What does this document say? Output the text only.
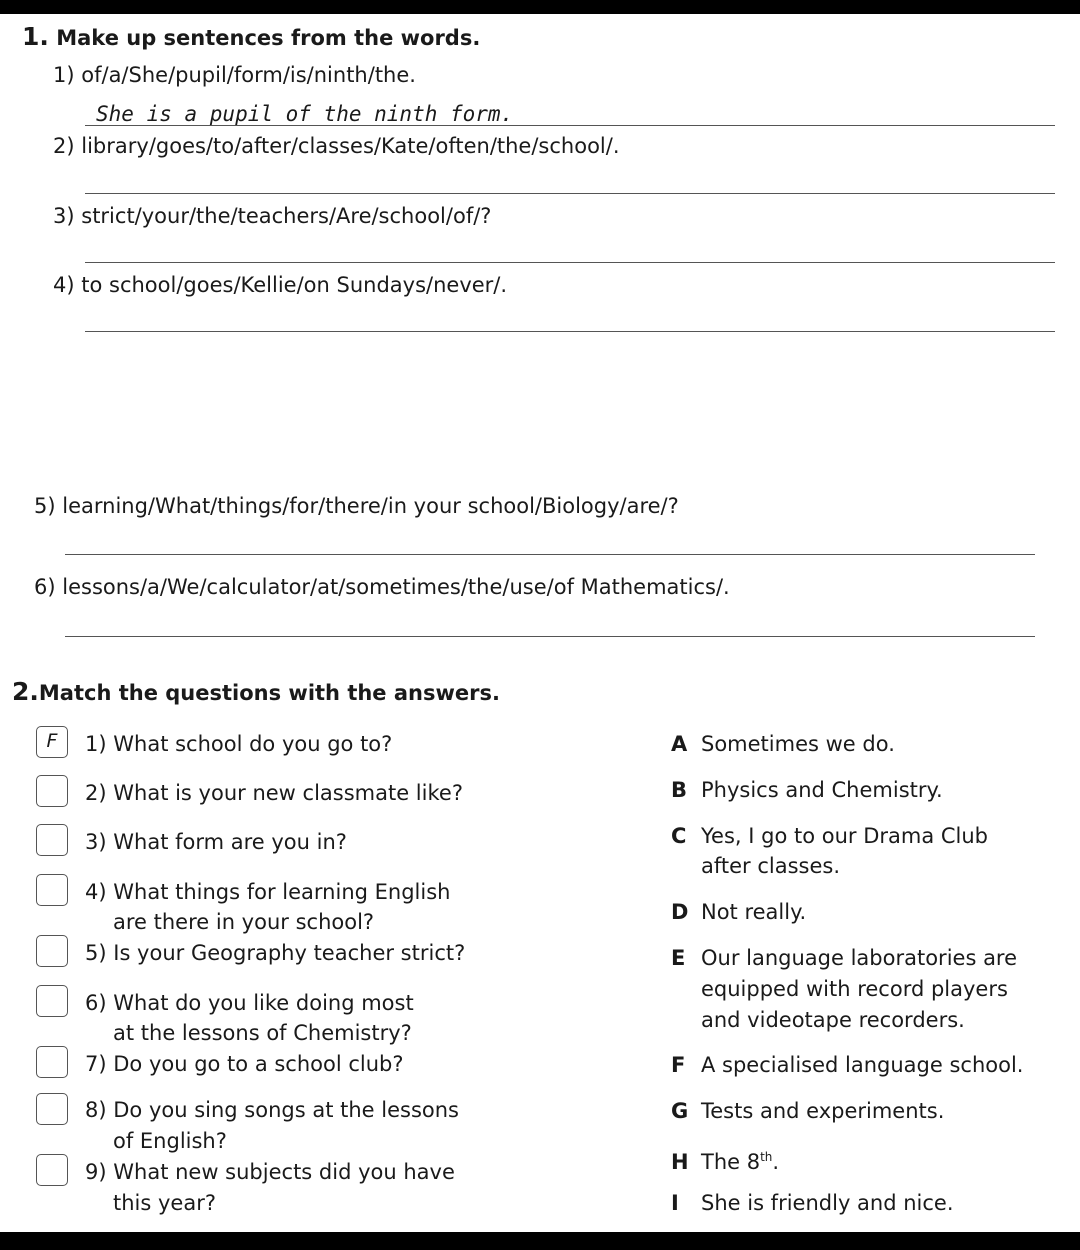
1. Make up sentences from the words.
1) of/a/She/pupil/form/is/ninth/the.
She is a pupil of the ninth form.
2) library/goes/to/after/classes/Kate/often/the/school/.
3) strict/your/the/teachers/Are/school/of/?
4) to school/goes/Kellie/on Sundays/never/.
5) learning/What/things/for/there/in your school/Biology/are/?
6) lessons/a/We/calculator/at/sometimes/the/use/of Mathematics/.
2.Match the questions with the answers.
F	1) What school do you go to?
2) What is your new classmate like?
3) What form are you in?
4) What things for learning English
are there in your school?
5) Is your Geography teacher strict?
6) What do you like doing most
at the lessons of Chemistry?
7) Do you go to a school club?
8) Do you sing songs at the lessons
of English?
9) What new subjects did you have
this year?
A Sometimes we do.
B Physics and Chemistry.
C Yes, I go to our Drama Club
after classes.
D Not really.
E Our language laboratories are
equipped with record players
and videotape recorders.
F A specialised language school.
G Tests and experiments.
H The 8th.
I She is friendly and nice.
